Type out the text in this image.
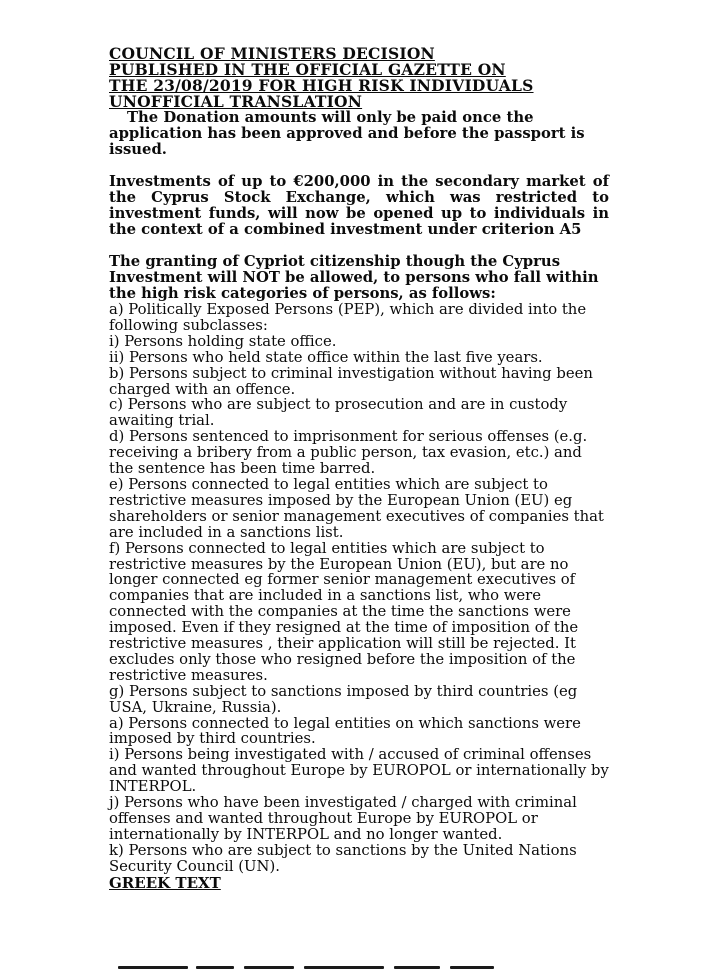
COUNCIL OF MINISTERS DECISION

PUBLISHED IN THE OFFICIAL GAZETTE ON

THE 23/08/2019 FOR HIGH RISK INDIVIDUALS

UNOFFICIAL TRANSLATION

The Donation amounts will only be paid once the application has been approved and before the passport is issued.

Investments of up to €200,000 in the secondary market of the Cyprus Stock Exchange, which was restricted to investment funds, will now be opened up to individuals in the context of a combined investment under criterion A5

The granting of Cypriot citizenship though the Cyprus Investment will NOT be allowed, to persons who fall within the high risk categories of persons, as follows:

a) Politically Exposed Persons (PEP), which are divided into the following subclasses:
i) Persons holding state office.
ii) Persons who held state office within the last five years.
b) Persons subject to criminal investigation without having been charged with an offence.
c) Persons who are subject to prosecution and are in custody awaiting trial.
d) Persons sentenced to imprisonment for serious offenses (e.g. receiving a bribery from a public person, tax evasion, etc.) and the sentence has been time barred.
e) Persons connected to legal entities which are subject to restrictive measures imposed by the European Union (EU) eg shareholders or senior management executives of companies that are included in a sanctions list.
f) Persons connected to legal entities which are subject to restrictive measures by the European Union (EU), but are no longer connected eg former senior management executives of companies that are included in a sanctions list, who were connected with the companies at the time the sanctions were imposed. Even if they resigned at the time of imposition of the restrictive measures , their application will still be rejected. It excludes only those who resigned before the imposition of the restrictive measures.
g) Persons subject to sanctions imposed by third countries (eg USA, Ukraine, Russia).
a) Persons connected to legal entities on which sanctions were imposed by third countries.
i) Persons being investigated with / accused of criminal offenses and wanted throughout Europe by EUROPOL or internationally by INTERPOL.
j) Persons who have been investigated / charged with criminal offenses and wanted throughout Europe by EUROPOL or internationally by INTERPOL and no longer wanted.
k) Persons who are subject to sanctions by the United Nations Security Council (UN).

GREEK TEXT
